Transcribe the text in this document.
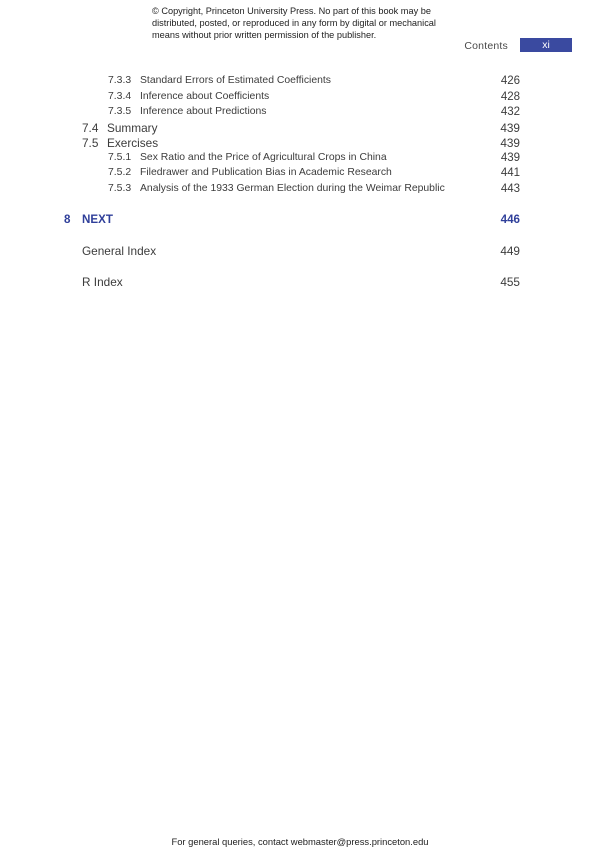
© Copyright, Princeton University Press. No part of this book may be distributed, posted, or reproduced in any form by digital or mechanical means without prior written permission of the publisher.
Contents	xi
7.3.3 Standard Errors of Estimated Coefficients	426
7.3.4 Inference about Coefficients	428
7.3.5 Inference about Predictions	432
7.4 Summary	439
7.5 Exercises	439
7.5.1 Sex Ratio and the Price of Agricultural Crops in China	439
7.5.2 Filedrawer and Publication Bias in Academic Research	441
7.5.3 Analysis of the 1933 German Election during the Weimar Republic	443
8 NEXT	446
General Index	449
R Index	455
For general queries, contact webmaster@press.princeton.edu
